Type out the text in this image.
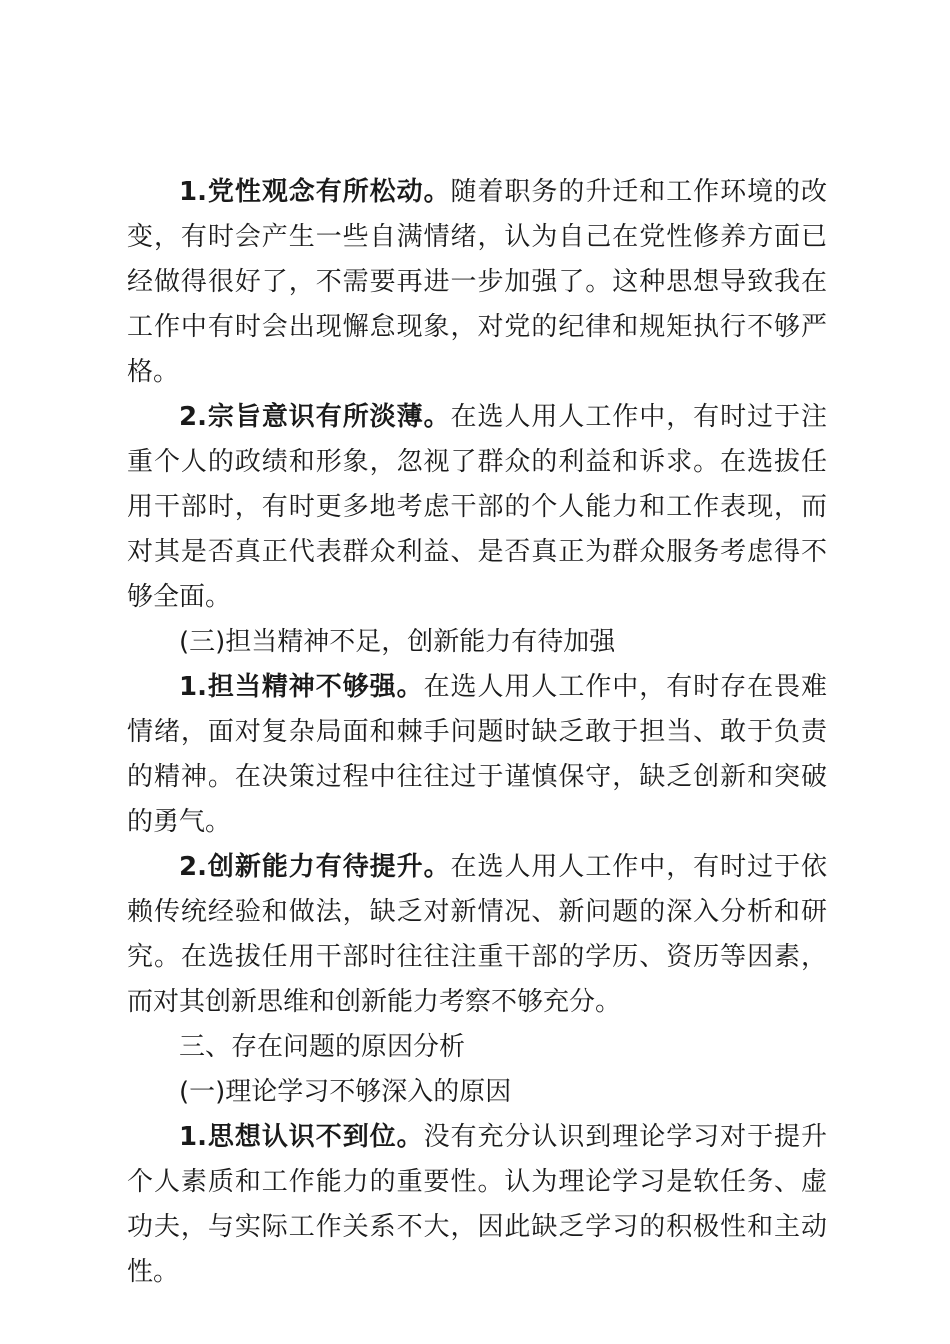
1.党性观念有所松动。随着职务的升迁和工作环境的改变，有时会产生一些自满情绪，认为自己在党性修养方面已经做得很好了，不需要再进一步加强了。这种思想导致我在工作中有时会出现懈怠现象，对党的纪律和规矩执行不够严格。

2.宗旨意识有所淡薄。在选人用人工作中，有时过于注重个人的政绩和形象，忽视了群众的利益和诉求。在选拔任用干部时，有时更多地考虑干部的个人能力和工作表现，而对其是否真正代表群众利益、是否真正为群众服务考虑得不够全面。

(三)担当精神不足，创新能力有待加强

1.担当精神不够强。在选人用人工作中，有时存在畏难情绪，面对复杂局面和棘手问题时缺乏敢于担当、敢于负责的精神。在决策过程中往往过于谨慎保守，缺乏创新和突破的勇气。

2.创新能力有待提升。在选人用人工作中，有时过于依赖传统经验和做法，缺乏对新情况、新问题的深入分析和研究。在选拔任用干部时往往注重干部的学历、资历等因素，而对其创新思维和创新能力考察不够充分。

三、存在问题的原因分析

(一)理论学习不够深入的原因

1.思想认识不到位。没有充分认识到理论学习对于提升个人素质和工作能力的重要性。认为理论学习是软任务、虚功夫，与实际工作关系不大，因此缺乏学习的积极性和主动性。
